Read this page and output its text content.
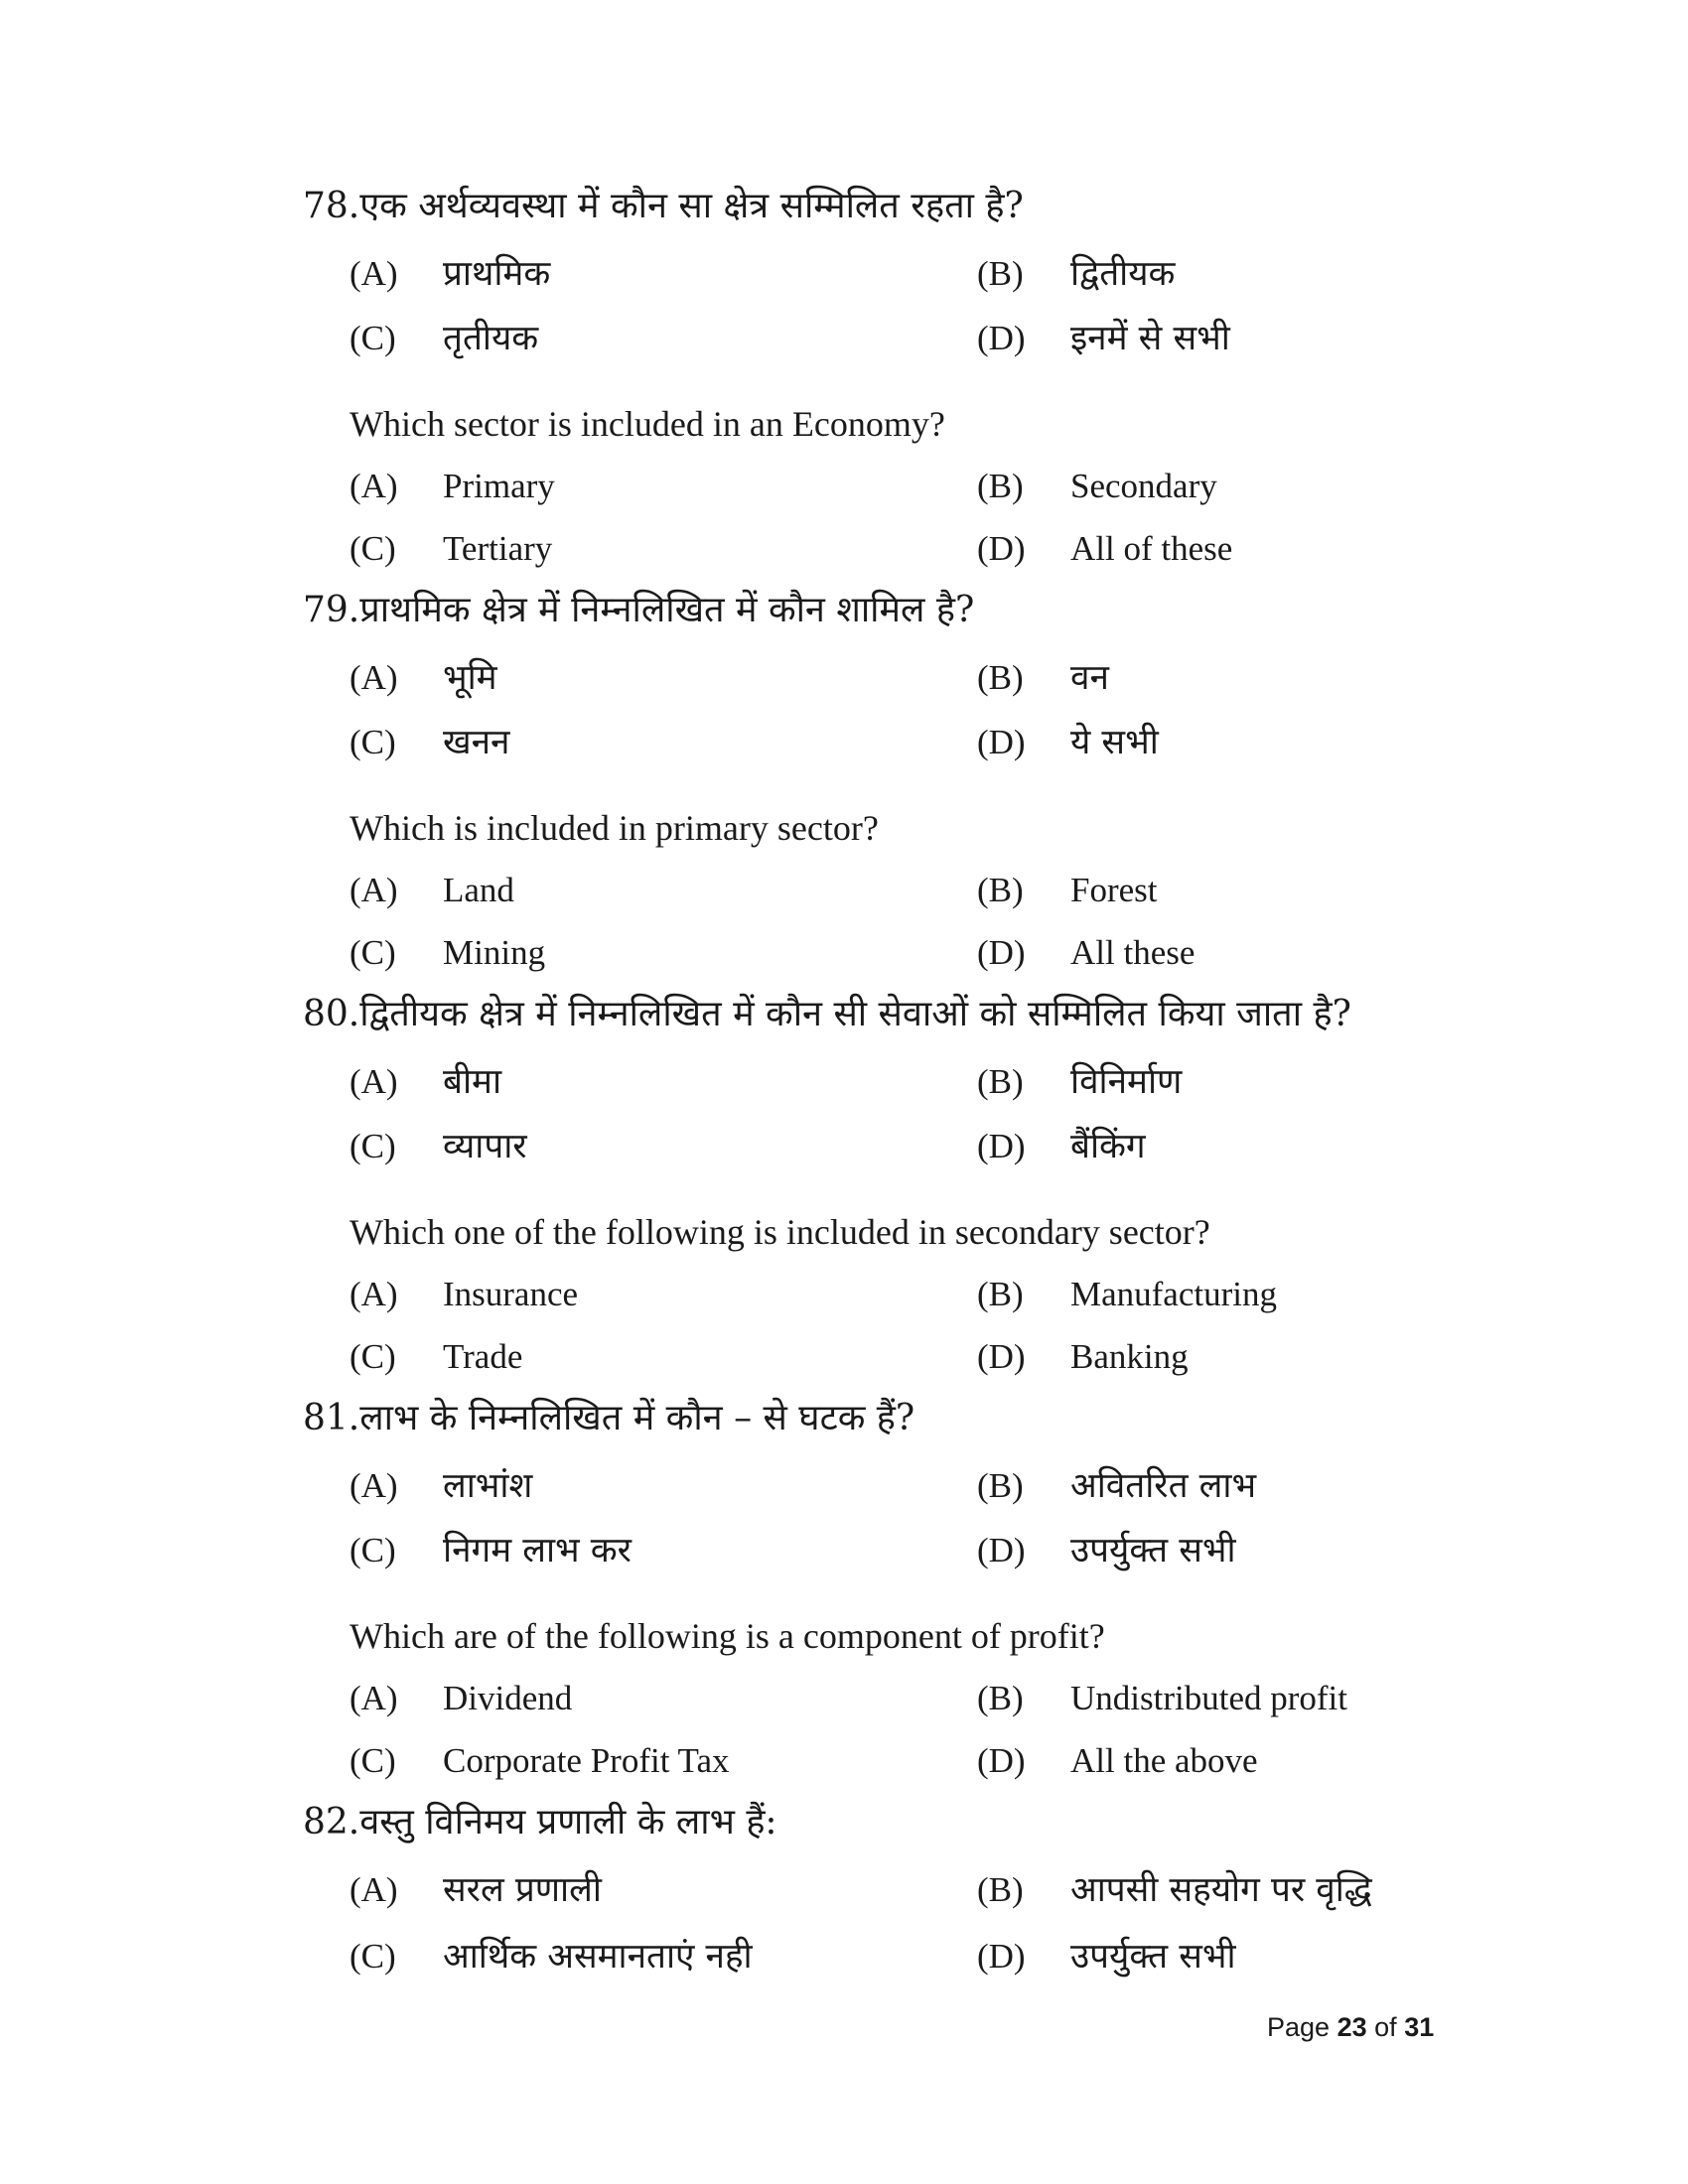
78.एक अर्थव्यवस्था में कौन सा क्षेत्र सम्मिलित रहता है?
(A) प्राथमिक	(B) द्वितीयक
(C) तृतीयक	(D) इनमें से सभी
Which sector is included in an Economy?
(A) Primary	(B) Secondary
(C) Tertiary	(D) All of these
79.प्राथमिक क्षेत्र में निम्नलिखित में कौन शामिल है?
(A) भूमि	(B) वन
(C) खनन	(D) ये सभी
Which is included in primary sector?
(A) Land	(B) Forest
(C) Mining	(D) All these
80.द्वितीयक क्षेत्र में निम्नलिखित में कौन सी सेवाओं को सम्मिलित किया जाता है?
(A) बीमा	(B) विनिर्माण
(C) व्यापार	(D) बैंकिंग
Which one of the following is included in secondary sector?
(A) Insurance	(B) Manufacturing
(C) Trade	(D) Banking
81.लाभ के निम्नलिखित में कौन – से घटक हैं?
(A) लाभांश	(B) अवितरित लाभ
(C) निगम लाभ कर	(D) उपर्युक्त सभी
Which are of the following is a component of profit?
(A) Dividend	(B) Undistributed profit
(C) Corporate Profit Tax	(D) All the above
82.वस्तु विनिमय प्रणाली के लाभ हैं:
(A) सरल प्रणाली	(B) आपसी सहयोग पर वृद्धि
(C) आर्थिक असमानताएं नही	(D) उपर्युक्त सभी
Page 23 of 31
